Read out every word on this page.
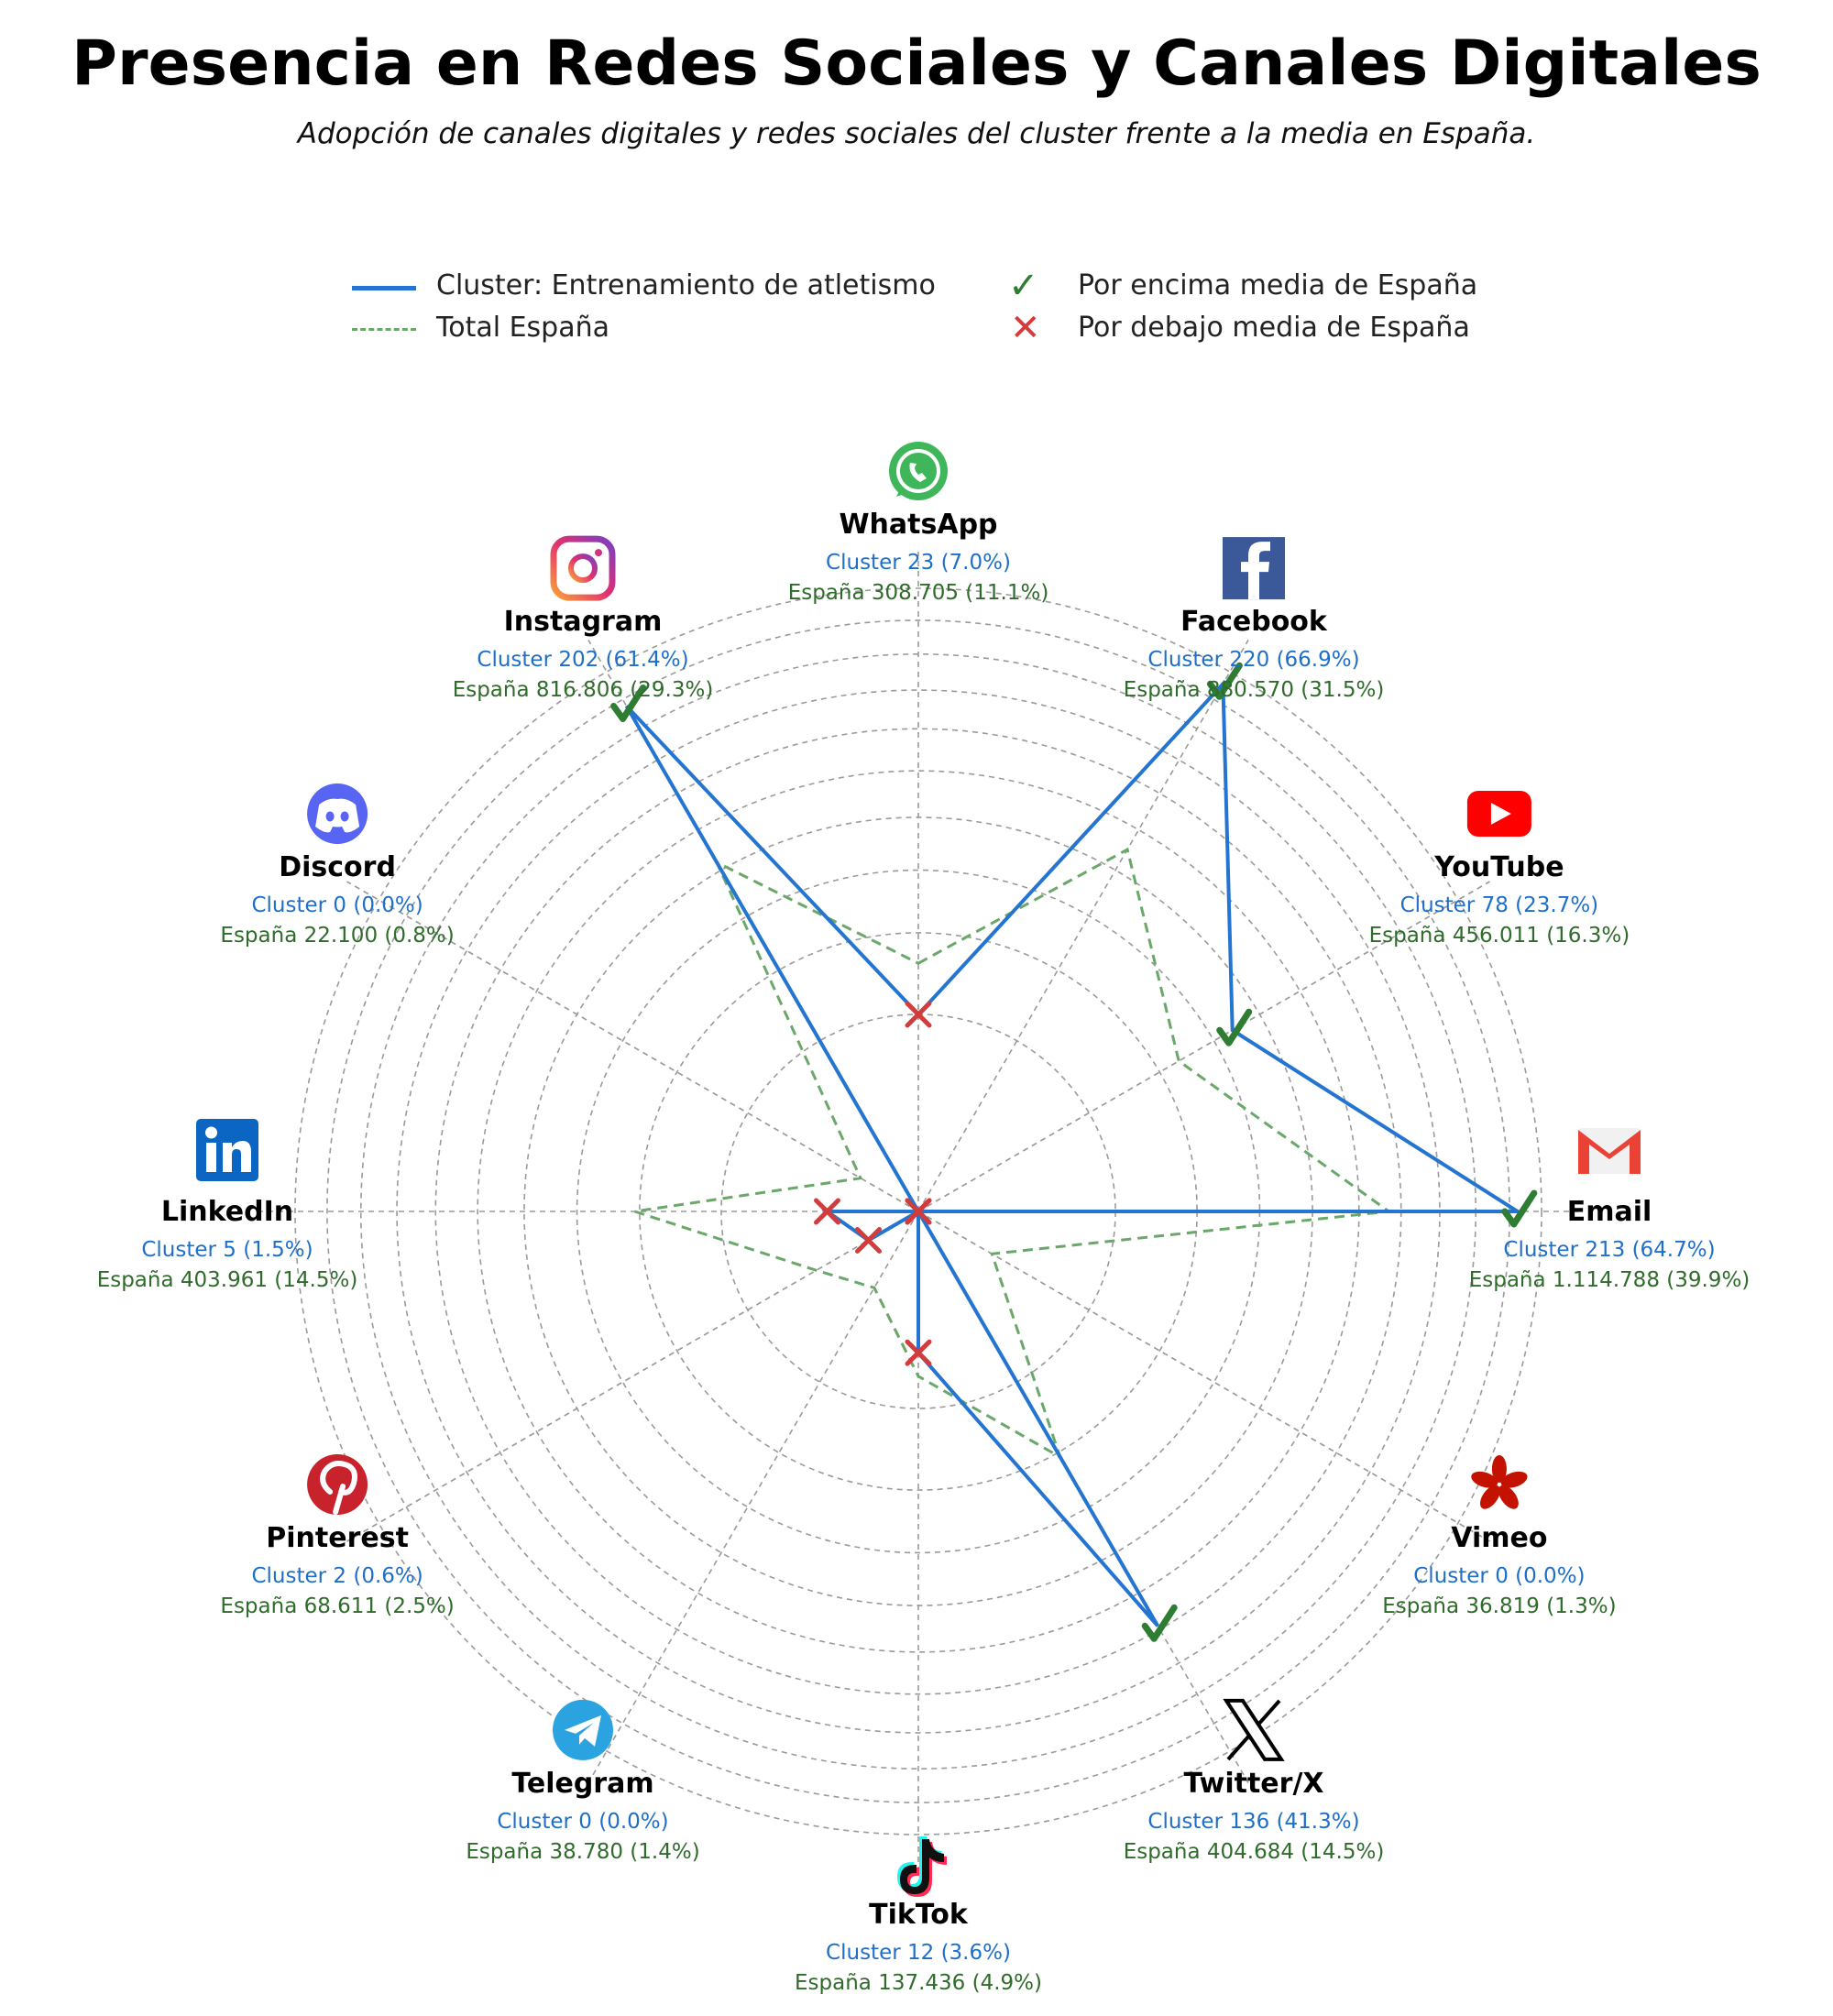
Presencia en Redes Sociales y Canales Digitales
Adopción de canales digitales y redes sociales del cluster frente a la media en España.
Cluster: Entrenamiento de atletismo
Total España
✓ Por encima media de España
✕ Por debajo media de España
WhatsApp
Cluster 23 (7.0%)
España 308.705 (11.1%)
Facebook
Cluster 220 (66.9%)
España 880.570 (31.5%)
YouTube
Cluster 78 (23.7%)
España 456.011 (16.3%)
Email
Cluster 213 (64.7%)
España 1.114.788 (39.9%)
Vimeo
Cluster 0 (0.0%)
España 36.819 (1.3%)
Twitter/X
Cluster 136 (41.3%)
España 404.684 (14.5%)
TikTok
Cluster 12 (3.6%)
España 137.436 (4.9%)
Telegram
Cluster 0 (0.0%)
España 38.780 (1.4%)
Pinterest
Cluster 2 (0.6%)
España 68.611 (2.5%)
LinkedIn
Cluster 5 (1.5%)
España 403.961 (14.5%)
Discord
Cluster 0 (0.0%)
España 22.100 (0.8%)
Instagram
Cluster 202 (61.4%)
España 816.806 (29.3%)
